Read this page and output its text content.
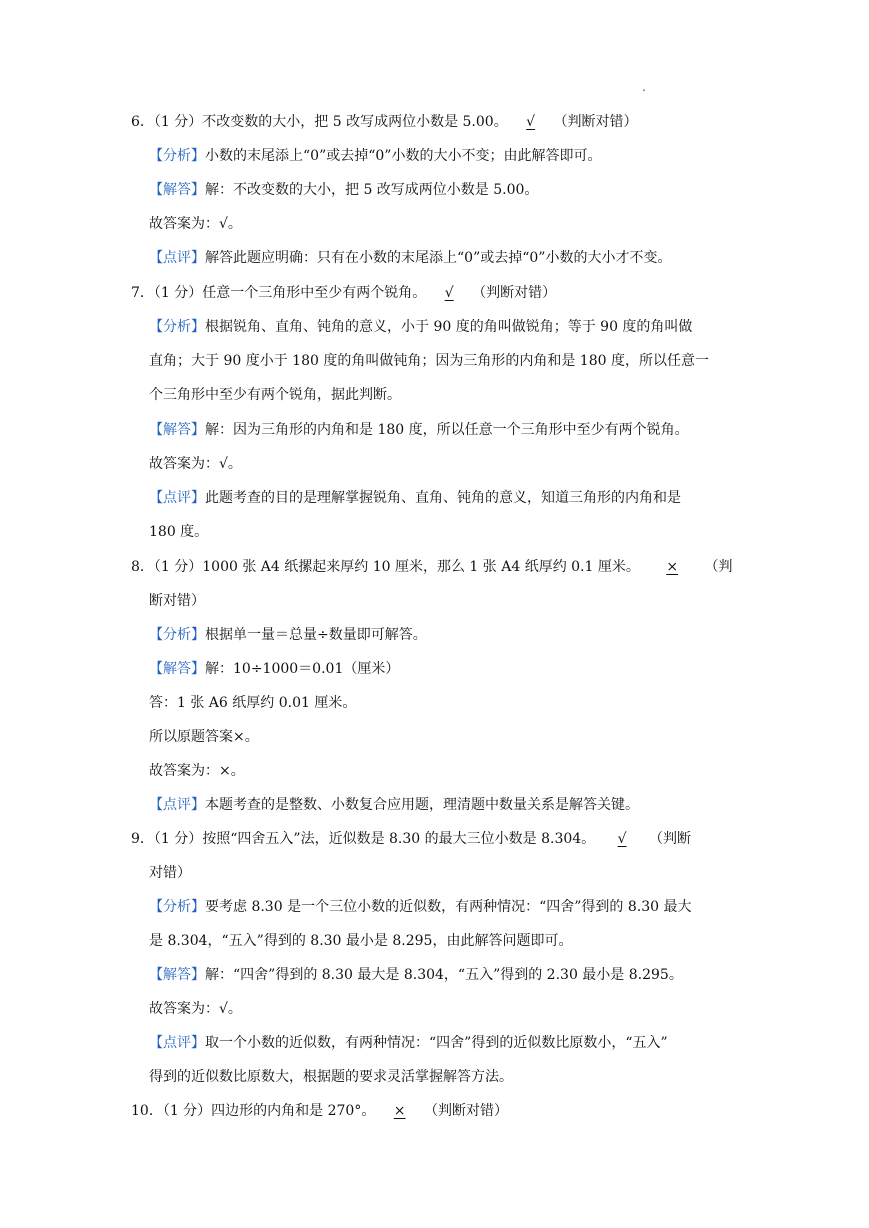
.
6．（1 分）不改变数的大小，把 5 改写成两位小数是 5.00。 √ （判断对错）
【分析】小数的末尾添上“0”或去掉“0”小数的大小不变；由此解答即可。
【解答】解：不改变数的大小，把 5 改写成两位小数是 5.00。
故答案为：√。
【点评】解答此题应明确：只有在小数的末尾添上“0”或去掉“0”小数的大小才不变。
7．（1 分）任意一个三角形中至少有两个锐角。 √ （判断对错）
【分析】根据锐角、直角、钝角的意义，小于 90 度的角叫做锐角；等于 90 度的角叫做
直角；大于 90 度小于 180 度的角叫做钝角；因为三角形的内角和是 180 度，所以任意一
个三角形中至少有两个锐角，据此判断。
【解答】解：因为三角形的内角和是 180 度，所以任意一个三角形中至少有两个锐角。
故答案为：√。
【点评】此题考查的目的是理解掌握锐角、直角、钝角的意义，知道三角形的内角和是
180 度。
8．（1 分）1000 张 A4 纸摞起来厚约 10 厘米，那么 1 张 A4 纸厚约 0.1 厘米。 × （判
断对错）
【分析】根据单一量＝总量÷数量即可解答。
【解答】解：10÷1000＝0.01（厘米）
答：1 张 A6 纸厚约 0.01 厘米。
所以原题答案×。
故答案为：×。
【点评】本题考查的是整数、小数复合应用题，理清题中数量关系是解答关键。
9．（1 分）按照“四舍五入”法，近似数是 8.30 的最大三位小数是 8.304。 √ （判断
对错）
【分析】要考虑 8.30 是一个三位小数的近似数，有两种情况：“四舍”得到的 8.30 最大
是 8.304，“五入”得到的 8.30 最小是 8.295，由此解答问题即可。
【解答】解：“四舍”得到的 8.30 最大是 8.304，“五入”得到的 2.30 最小是 8.295。
故答案为：√。
【点评】取一个小数的近似数，有两种情况：“四舍”得到的近似数比原数小，“五入”
得到的近似数比原数大，根据题的要求灵活掌握解答方法。
10．（1 分）四边形的内角和是 270°。 × （判断对错）
